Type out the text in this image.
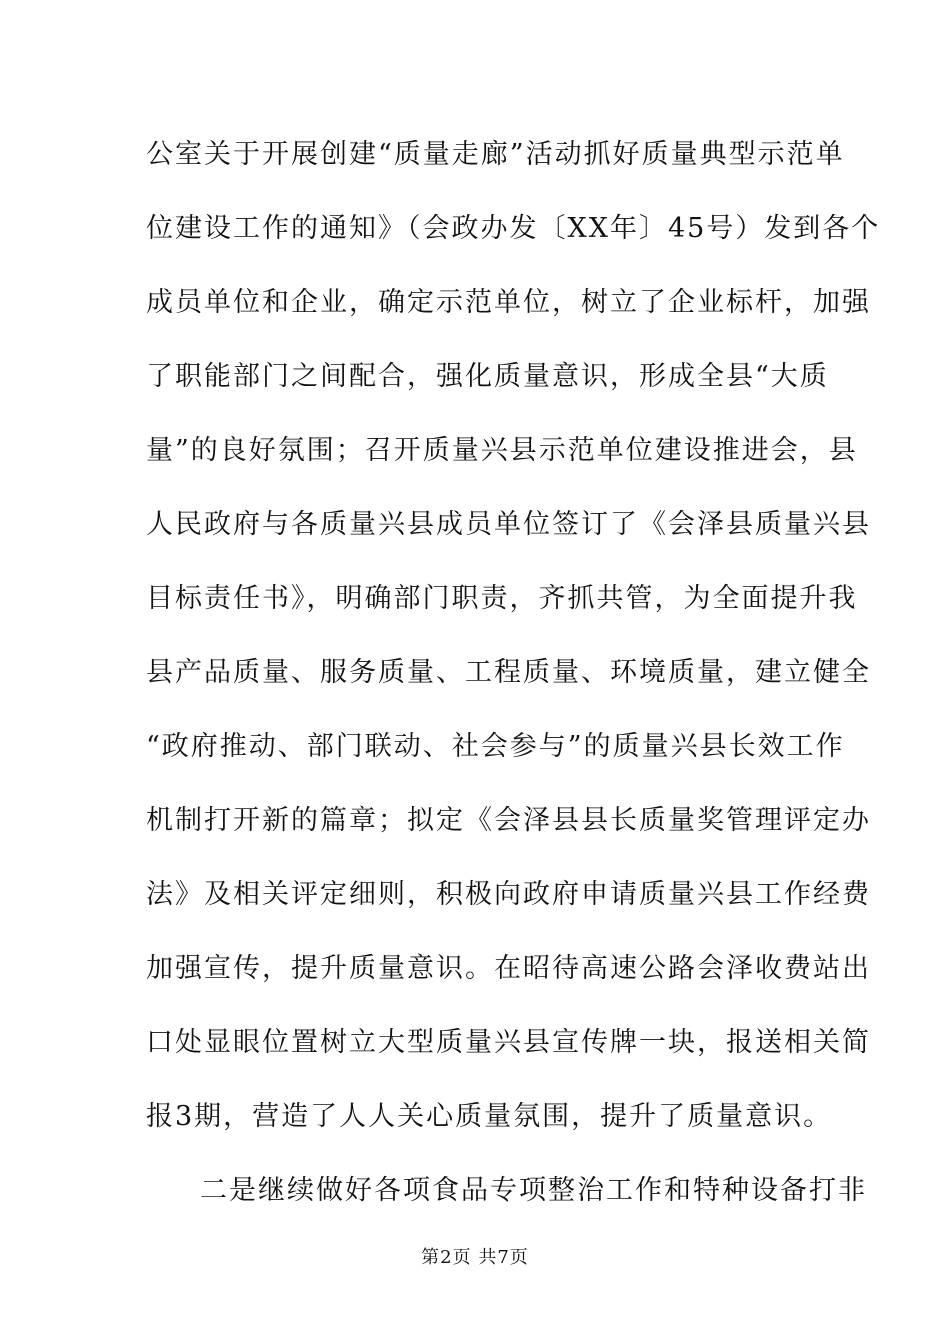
公室关于开展创建“质量走廊”活动抓好质量典型示范单
位建设工作的通知》（会政办发〔XX年〕45号）发到各个
成员单位和企业，确定示范单位，树立了企业标杆，加强
了职能部门之间配合，强化质量意识，形成全县“大质
量”的良好氛围；召开质量兴县示范单位建设推进会，县
人民政府与各质量兴县成员单位签订了《会泽县质量兴县
目标责任书》，明确部门职责，齐抓共管，为全面提升我
县产品质量、服务质量、工程质量、环境质量，建立健全
“政府推动、部门联动、社会参与”的质量兴县长效工作
机制打开新的篇章；拟定《会泽县县长质量奖管理评定办
法》及相关评定细则，积极向政府申请质量兴县工作经费
加强宣传，提升质量意识。在昭待高速公路会泽收费站出
口处显眼位置树立大型质量兴县宣传牌一块，报送相关简
报3期，营造了人人关心质量氛围，提升了质量意识。
二是继续做好各项食品专项整治工作和特种设备打非
第2页 共7页
